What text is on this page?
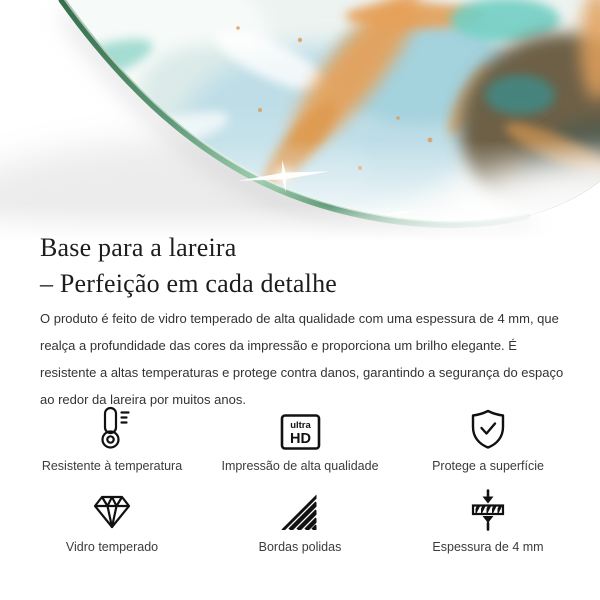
Base para a lareira
– Perfeição em cada detalhe
O produto é feito de vidro temperado de alta qualidade com uma espessura de 4 mm, que realça a profundidade das cores da impressão e proporciona um brilho elegante. É resistente a altas temperaturas e protege contra danos, garantindo a segurança do espaço ao redor da lareira por muitos anos.
Resistente à temperatura
ultra
HD
Impressão de alta qualidade	Protege a superfície
Vidro temperado	Bordas polidas	Espessura de 4 mm
